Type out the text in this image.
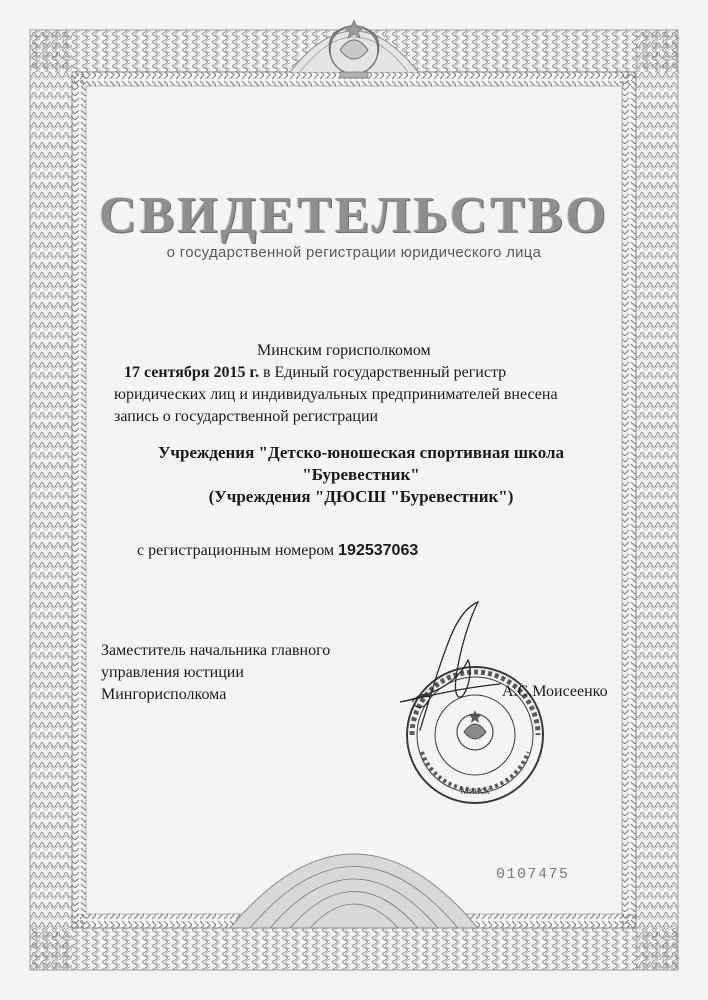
СВИДЕТЕЛЬСТВО
о государственной регистрации юридического лица

Минским горисполкомом

17 сентября 2015 г. в Единый государственный регистр

юридических лиц и индивидуальных предпринимателей внесена

запись о государственной регистрации

Учреждения "Детско-юношеская спортивная школа
"Буревестник"
(Учреждения "ДЮСШ "Буревестник")
с регистрационным номером 192537063
Заместитель начальника главного
управления юстиции
Мингорисполкома
Минск
А.С.Моисеенко
0107475
